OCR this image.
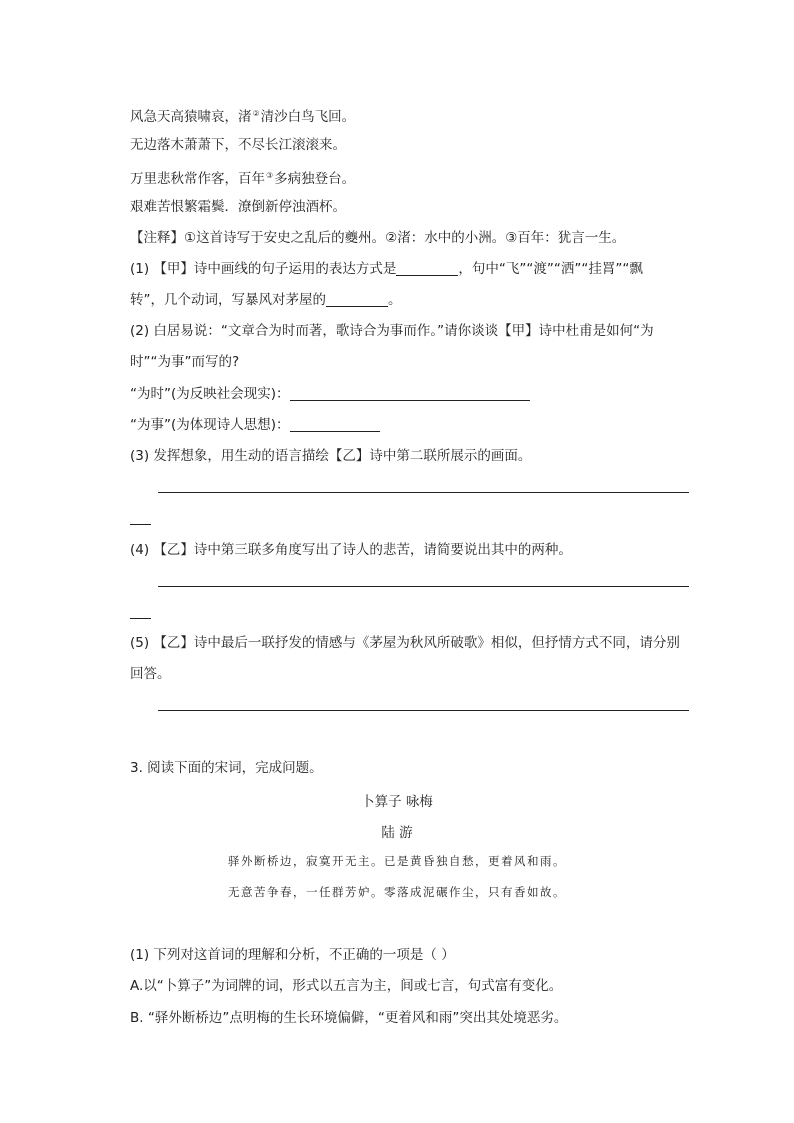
风急天高猿啸哀，渚②清沙白鸟飞回。
无边落木萧萧下，不尽长江滚滚来。
万里悲秋常作客，百年③多病独登台。
艰难苦恨繁霜鬓．潦倒新停浊酒杯。
【注释】①这首诗写于安史之乱后的夔州。②渚：水中的小洲。③百年：犹言一生。
(1) 【甲】诗中画线的句子运用的表达方式是	，句中“飞”“渡”“洒”“挂罥”“飘
转”，几个动词，写暴风对茅屋的	。
(2) 白居易说：“文章合为时而著，歌诗合为事而作。”请你谈谈【甲】诗中杜甫是如何“为
时”“为事”而写的?
“为时”(为反映社会现实)：
“为事”(为体现诗人思想)：
(3) 发挥想象，用生动的语言描绘【乙】诗中第二联所展示的画面。
(4) 【乙】诗中第三联多角度写出了诗人的悲苦，请简要说出其中的两种。
(5) 【乙】诗中最后一联抒发的情感与《茅屋为秋风所破歌》相似，但抒情方式不同，请分别
回答。
3. 阅读下面的宋词，完成问题。
卜算子 咏梅
陆 游
驿外断桥边，寂寞开无主。已是黄昏独自愁，更着风和雨。
无意苦争春，一任群芳妒。零落成泥碾作尘，只有香如故。
(1) 下列对这首词的理解和分析，不正确的一项是（ ）
A.以“卜算子”为词牌的词，形式以五言为主，间或七言，句式富有变化。
B. “驿外断桥边”点明梅的生长环境偏僻，“更着风和雨”突出其处境恶劣。
